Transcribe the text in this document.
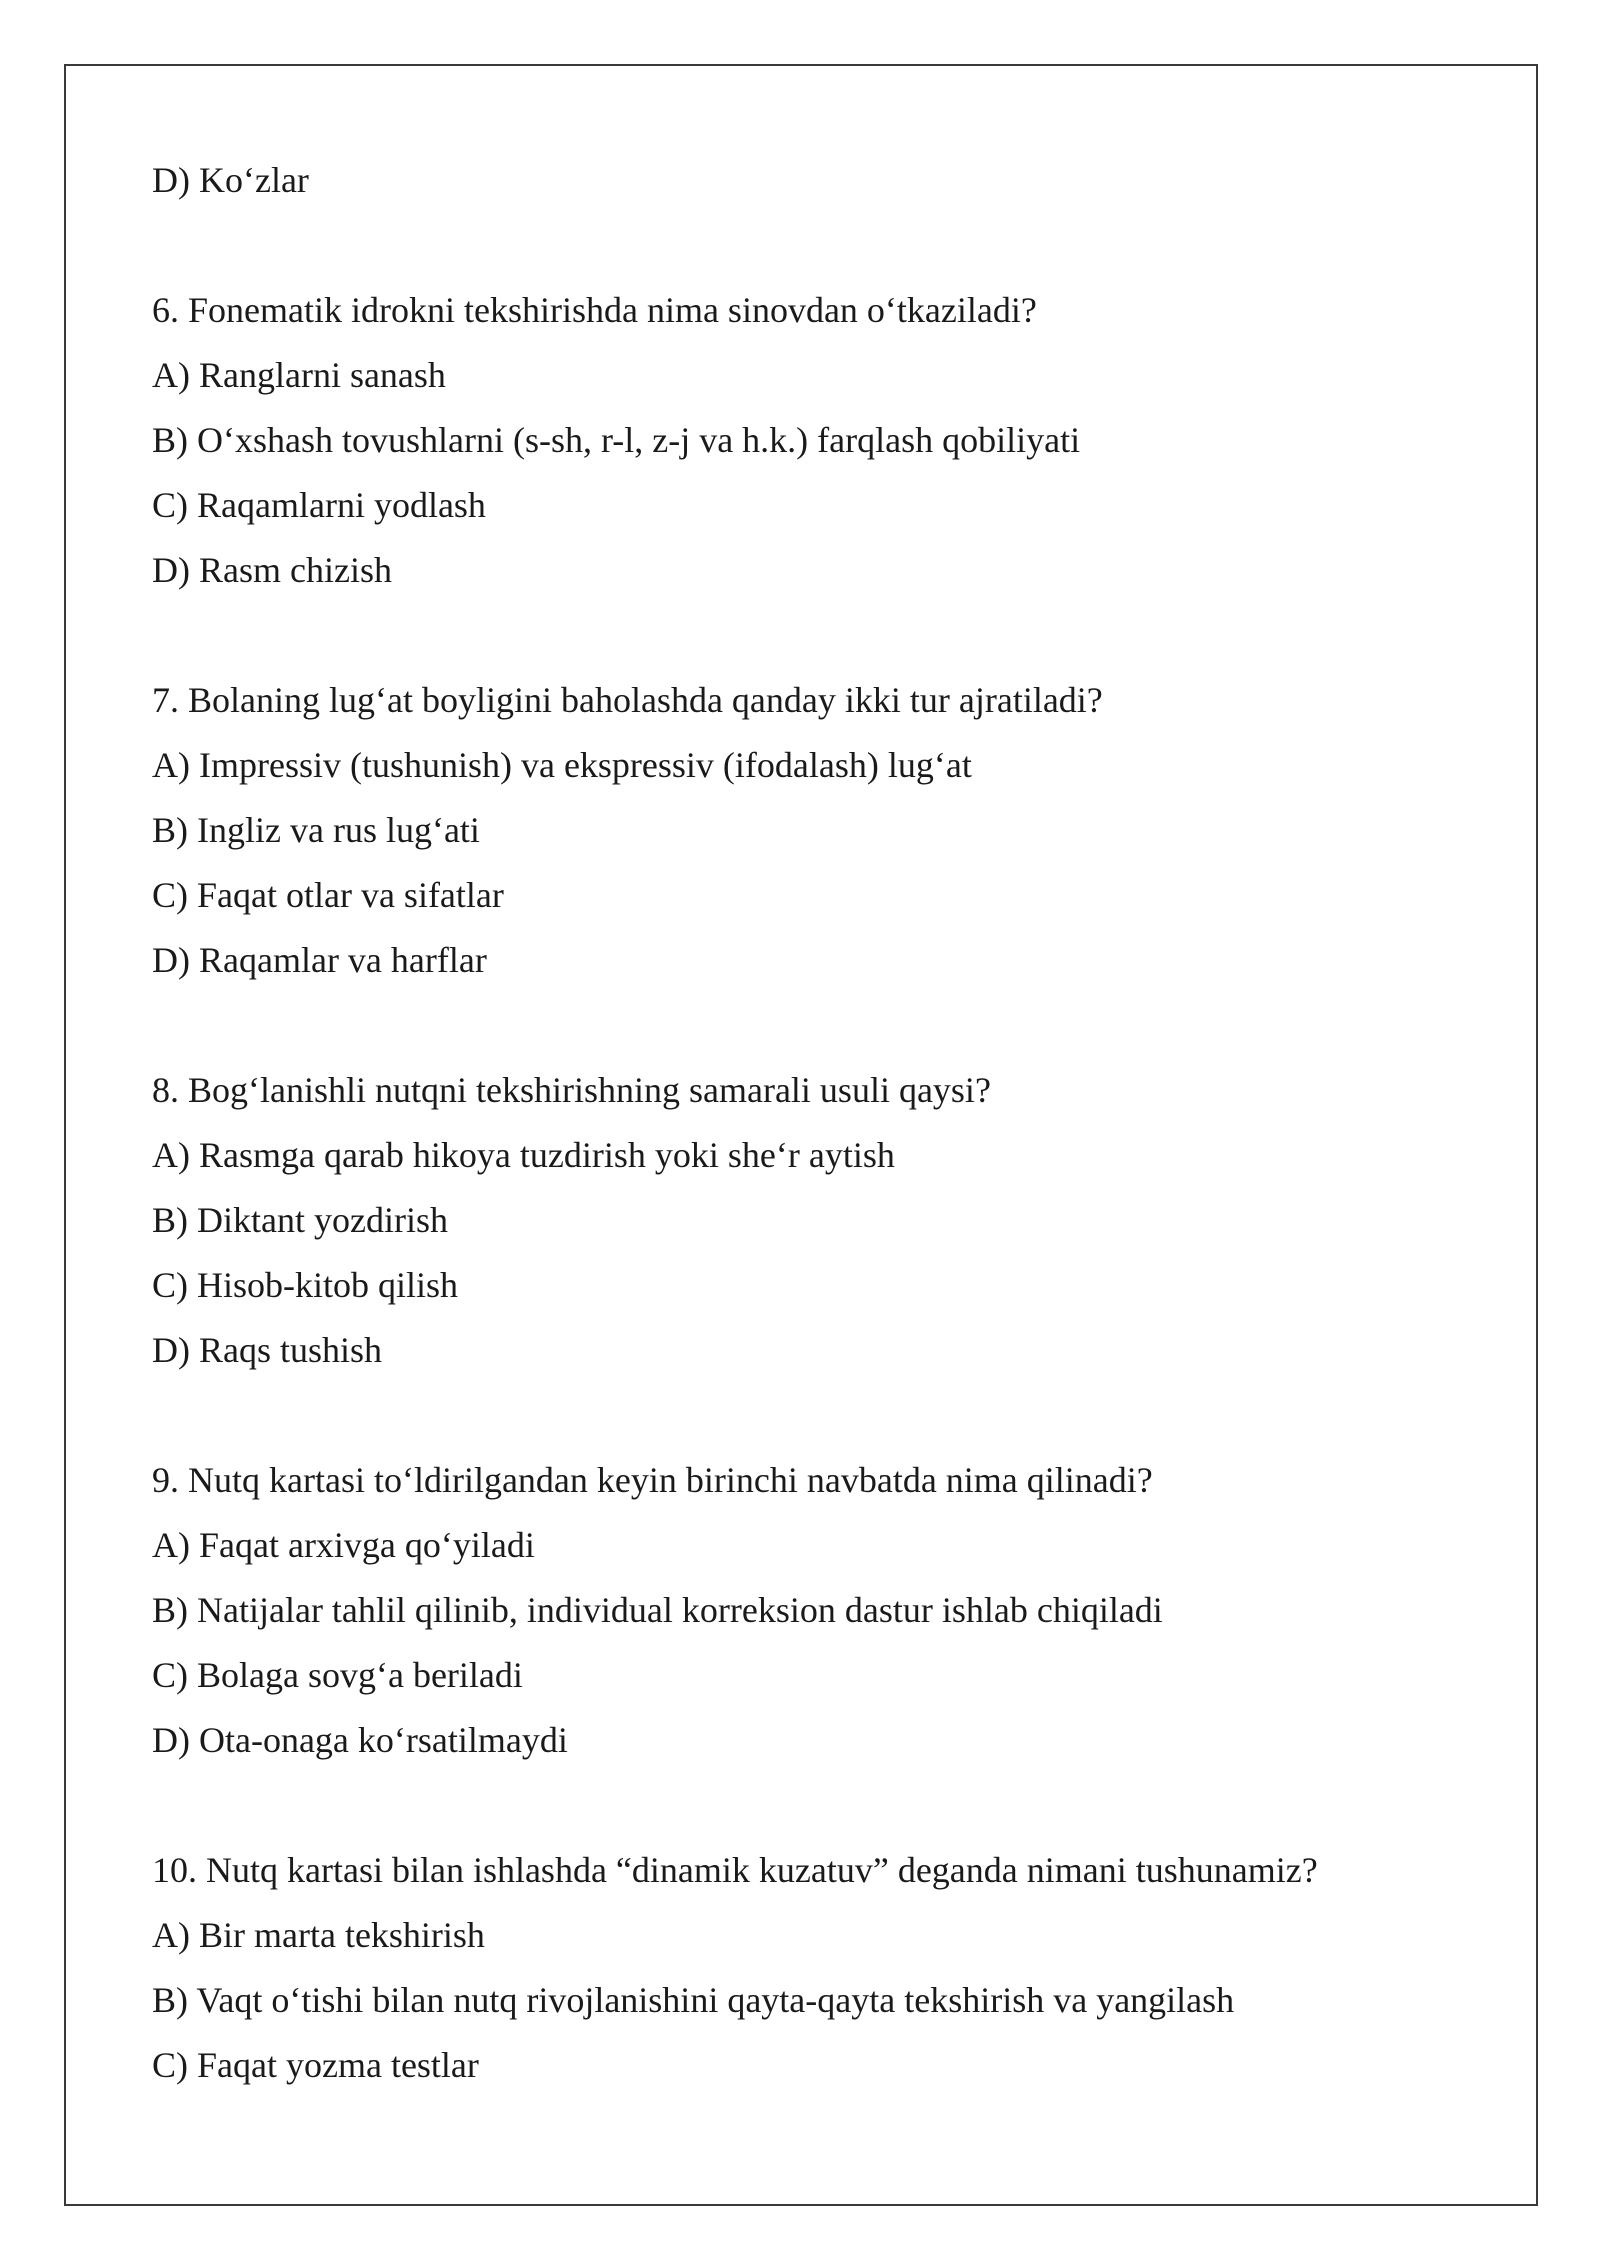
D) Koʻzlar
6. Fonematik idrokni tekshirishda nima sinovdan oʻtkaziladi?
A) Ranglarni sanash
B) Oʻxshash tovushlarni (s-sh, r-l, z-j va h.k.) farqlash qobiliyati
C) Raqamlarni yodlash
D) Rasm chizish
7. Bolaning lugʻat boyligini baholashda qanday ikki tur ajratiladi?
A) Impressiv (tushunish) va ekspressiv (ifodalash) lugʻat
B) Ingliz va rus lugʻati
C) Faqat otlar va sifatlar
D) Raqamlar va harflar
8. Bogʻlanishli nutqni tekshirishning samarali usuli qaysi?
A) Rasmga qarab hikoya tuzdirish yoki sheʻr aytish
B) Diktant yozdirish
C) Hisob-kitob qilish
D) Raqs tushish
9. Nutq kartasi toʻldirilgandan keyin birinchi navbatda nima qilinadi?
A) Faqat arxivga qoʻyiladi
B) Natijalar tahlil qilinib, individual korreksion dastur ishlab chiqiladi
C) Bolaga sovgʻa beriladi
D) Ota-onaga koʻrsatilmaydi
10. Nutq kartasi bilan ishlashda “dinamik kuzatuv” deganda nimani tushunamiz?
A) Bir marta tekshirish
B) Vaqt oʻtishi bilan nutq rivojlanishini qayta-qayta tekshirish va yangilash
C) Faqat yozma testlar
